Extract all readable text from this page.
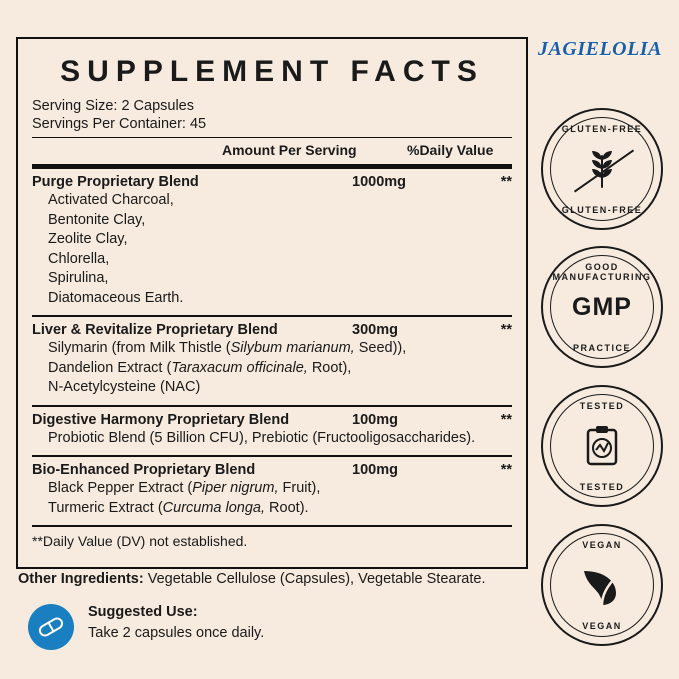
JAGIELOLIA
SUPPLEMENT FACTS
Serving Size: 2 Capsules
Servings Per Container: 45
Amount Per Serving	%Daily Value
Purge Proprietary Blend	1000mg	**
Activated Charcoal,
Bentonite Clay,
Zeolite Clay,
Chlorella,
Spirulina,
Diatomaceous Earth.
Liver & Revitalize Proprietary Blend	300mg	**
Silymarin (from Milk Thistle (Silybum marianum, Seed)),
Dandelion Extract (Taraxacum officinale, Root),
N-Acetylcysteine (NAC)
Digestive Harmony Proprietary Blend	100mg	**
Probiotic Blend (5 Billion CFU), Prebiotic (Fructooligosaccharides).
Bio-Enhanced Proprietary Blend	100mg	**
Black Pepper Extract (Piper nigrum, Fruit),
Turmeric Extract (Curcuma longa, Root).
**Daily Value (DV) not established.
Other Ingredients: Vegetable Cellulose (Capsules), Vegetable Stearate.
Suggested Use:
Take 2 capsules once daily.
GLUTEN-FREE
GLUTEN-FREE
GOOD MANUFACTURING
PRACTICE
GMP
TESTED
TESTED
VEGAN
VEGAN
